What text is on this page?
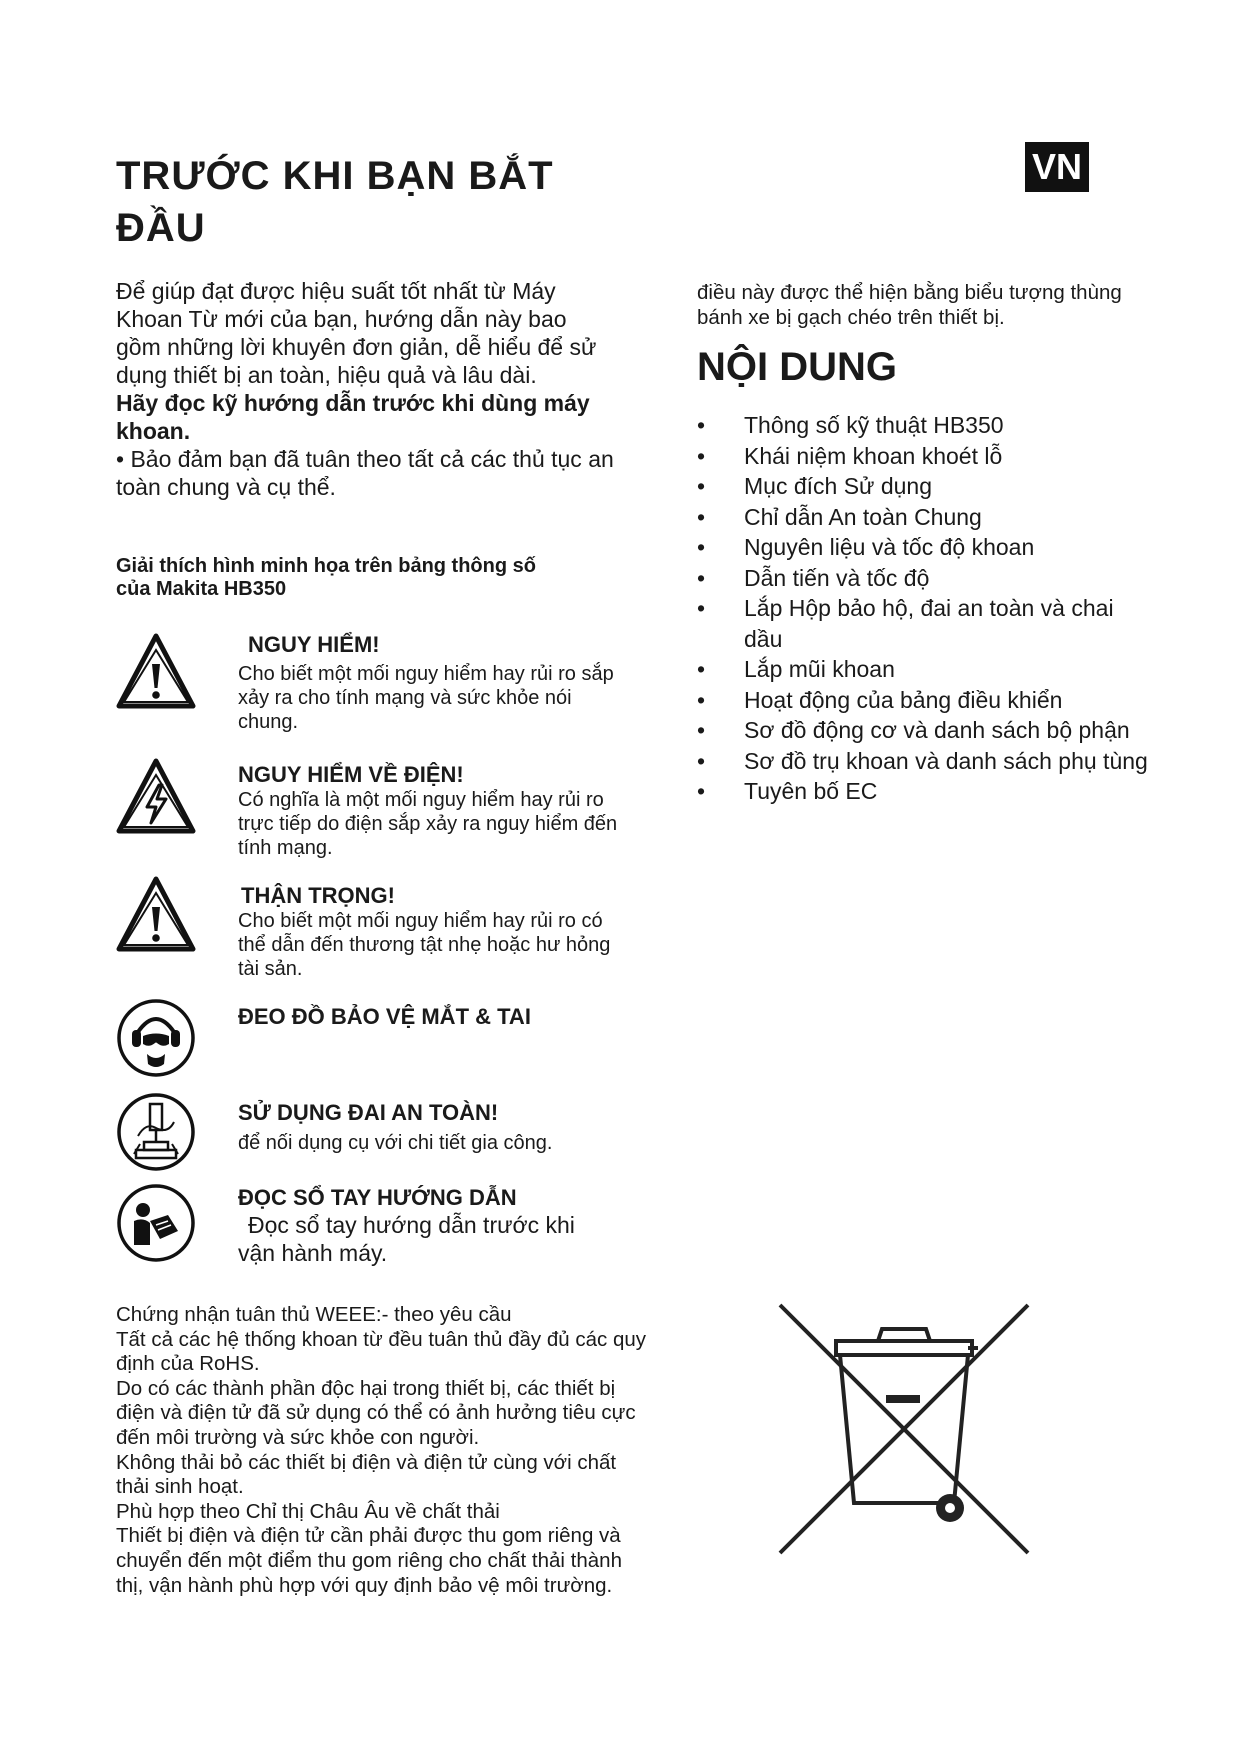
TRƯỚC KHI BẠN BẮT ĐẦU
VN

Để giúp đạt được hiệu suất tốt nhất từ Máy Khoan Từ mới của bạn, hướng dẫn này bao gồm những lời khuyên đơn giản, dễ hiểu để sử dụng thiết bị an toàn, hiệu quả và lâu dài.

Hãy đọc kỹ hướng dẫn trước khi dùng máy khoan.

• Bảo đảm bạn đã tuân theo tất cả các thủ tục an toàn chung và cụ thể.

Giải thích hình minh họa trên bảng thông số của Makita HB350

NGUY HIỂM!

Cho biết một mối nguy hiểm hay rủi ro sắp xảy ra cho tính mạng và sức khỏe nói chung.

NGUY HIỂM VỀ ĐIỆN!

Có nghĩa là một mối nguy hiểm hay rủi ro trực tiếp do điện sắp xảy ra nguy hiểm đến tính mạng.

THẬN TRỌNG!

Cho biết một mối nguy hiểm hay rủi ro có thể dẫn đến thương tật nhẹ hoặc hư hỏng tài sản.

ĐEO ĐỒ BẢO VỆ MẮT & TAI

SỬ DỤNG ĐAI AN TOÀN!

để nối dụng cụ với chi tiết gia công.

ĐỌC SỔ TAY HƯỚNG DẪN

Đọc sổ tay hướng dẫn trước khi vận hành máy.

Chứng nhận tuân thủ WEEE:- theo yêu cầu

Tất cả các hệ thống khoan từ đều tuân thủ đầy đủ các quy định của RoHS.

Do có các thành phần độc hại trong thiết bị, các thiết bị điện và điện tử đã sử dụng có thể có ảnh hưởng tiêu cực đến môi trường và sức khỏe con người.

Không thải bỏ các thiết bị điện và điện tử cùng với chất thải sinh hoạt.

Phù hợp theo Chỉ thị Châu Âu về chất thải

Thiết bị điện và điện tử cần phải được thu gom riêng và chuyển đến một điểm thu gom riêng cho chất thải thành thị, vận hành phù hợp với quy định bảo vệ môi trường.

điều này được thể hiện bằng biểu tượng thùng bánh xe bị gạch chéo trên thiết bị.

NỘI DUNG
• Thông số kỹ thuật HB350
• Khái niệm khoan khoét lỗ
• Mục đích Sử dụng
• Chỉ dẫn An toàn Chung
• Nguyên liệu và tốc độ khoan
• Dẫn tiến và tốc độ
• Lắp Hộp bảo hộ, đai an toàn và chai dầu
• Lắp mũi khoan
• Hoạt động của bảng điều khiển
• Sơ đồ động cơ và danh sách bộ phận
• Sơ đồ trụ khoan và danh sách phụ tùng
• Tuyên bố EC
